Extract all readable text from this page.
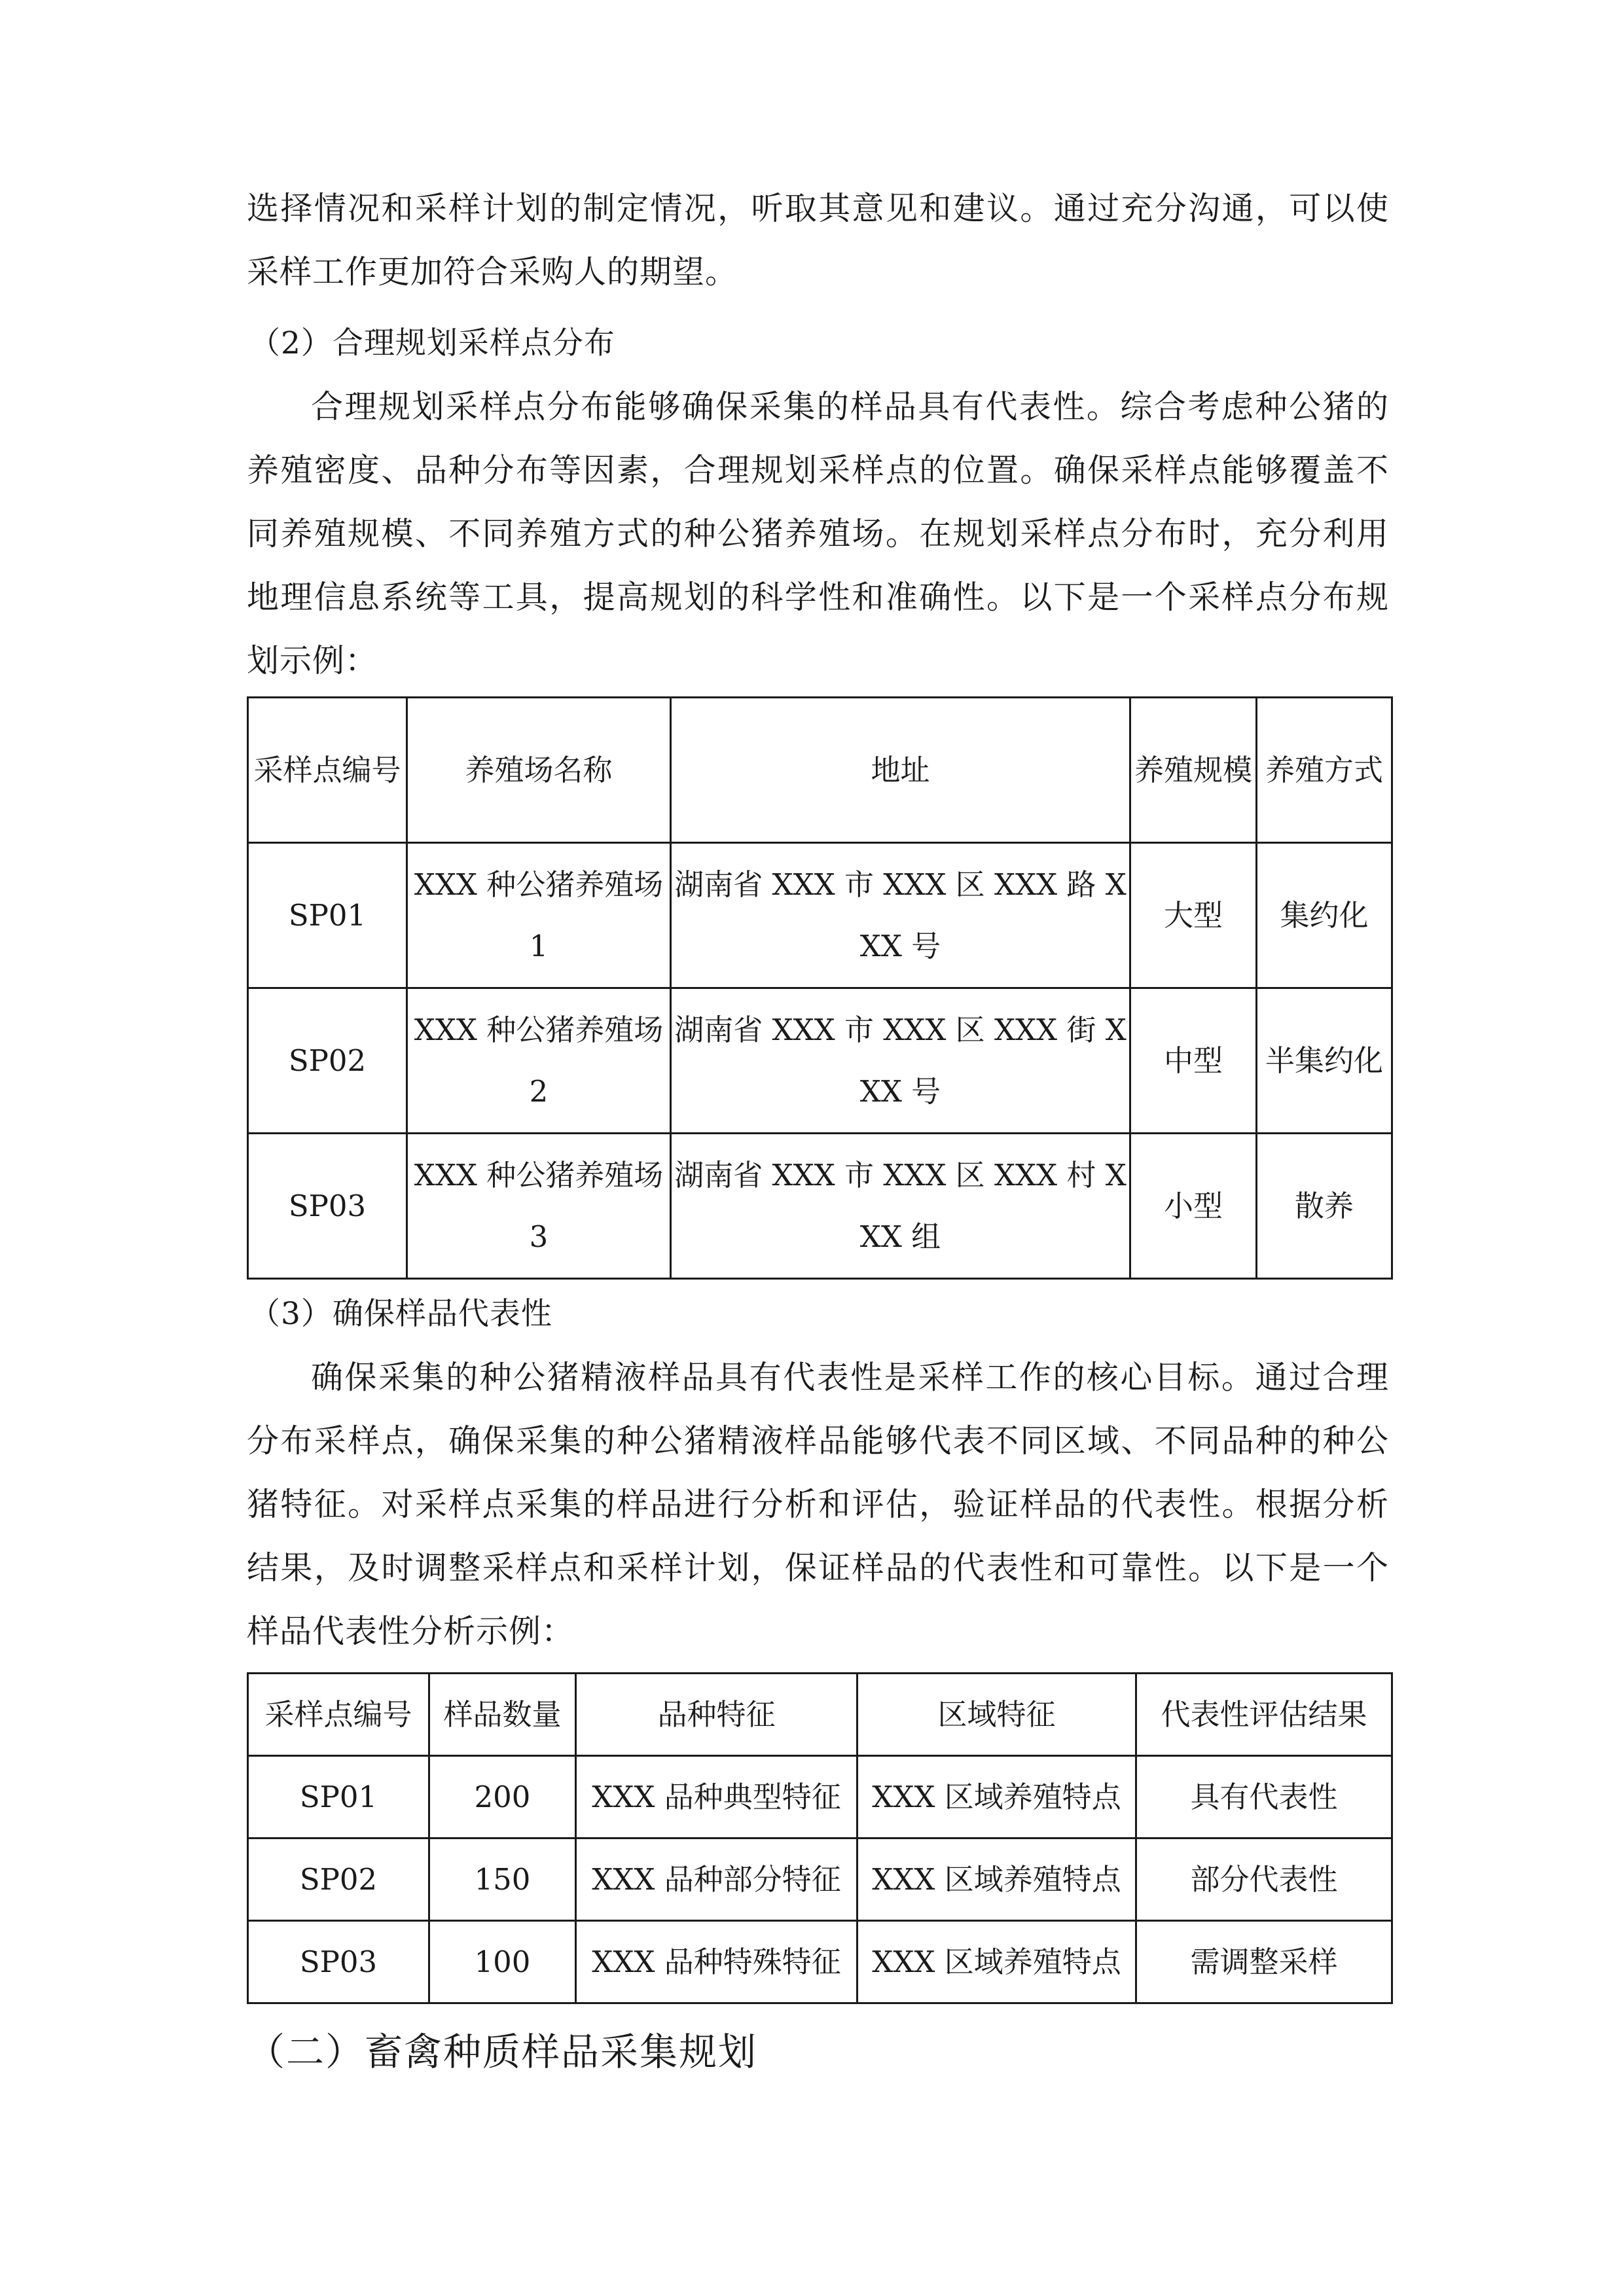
选择情况和采样计划的制定情况，听取其意见和建议。通过充分沟通，可以使采样工作更加符合采购人的期望。

（2）合理规划采样点分布

合理规划采样点分布能够确保采集的样品具有代表性。综合考虑种公猪的养殖密度、品种分布等因素，合理规划采样点的位置。确保采样点能够覆盖不同养殖规模、不同养殖方式的种公猪养殖场。在规划采样点分布时，充分利用地理信息系统等工具，提高规划的科学性和准确性。以下是一个采样点分布规划示例：

采样点编号	养殖场名称	地址	养殖规模	养殖方式
SP01	XXX 种公猪养殖场 1	湖南省 XXX 市 XXX 区 XXX 路 XXX 号	大型	集约化
SP02	XXX 种公猪养殖场 2	湖南省 XXX 市 XXX 区 XXX 街 XXX 号	中型	半集约化
SP03	XXX 种公猪养殖场 3	湖南省 XXX 市 XXX 区 XXX 村 XXX 组	小型	散养

（3）确保样品代表性

确保采集的种公猪精液样品具有代表性是采样工作的核心目标。通过合理分布采样点，确保采集的种公猪精液样品能够代表不同区域、不同品种的种公猪特征。对采样点采集的样品进行分析和评估，验证样品的代表性。根据分析结果，及时调整采样点和采样计划，保证样品的代表性和可靠性。以下是一个样品代表性分析示例：

采样点编号	样品数量	品种特征	区域特征	代表性评估结果
SP01	200	XXX 品种典型特征	XXX 区域养殖特点	具有代表性
SP02	150	XXX 品种部分特征	XXX 区域养殖特点	部分代表性
SP03	100	XXX 品种特殊特征	XXX 区域养殖特点	需调整采样

（二）畜禽种质样品采集规划
